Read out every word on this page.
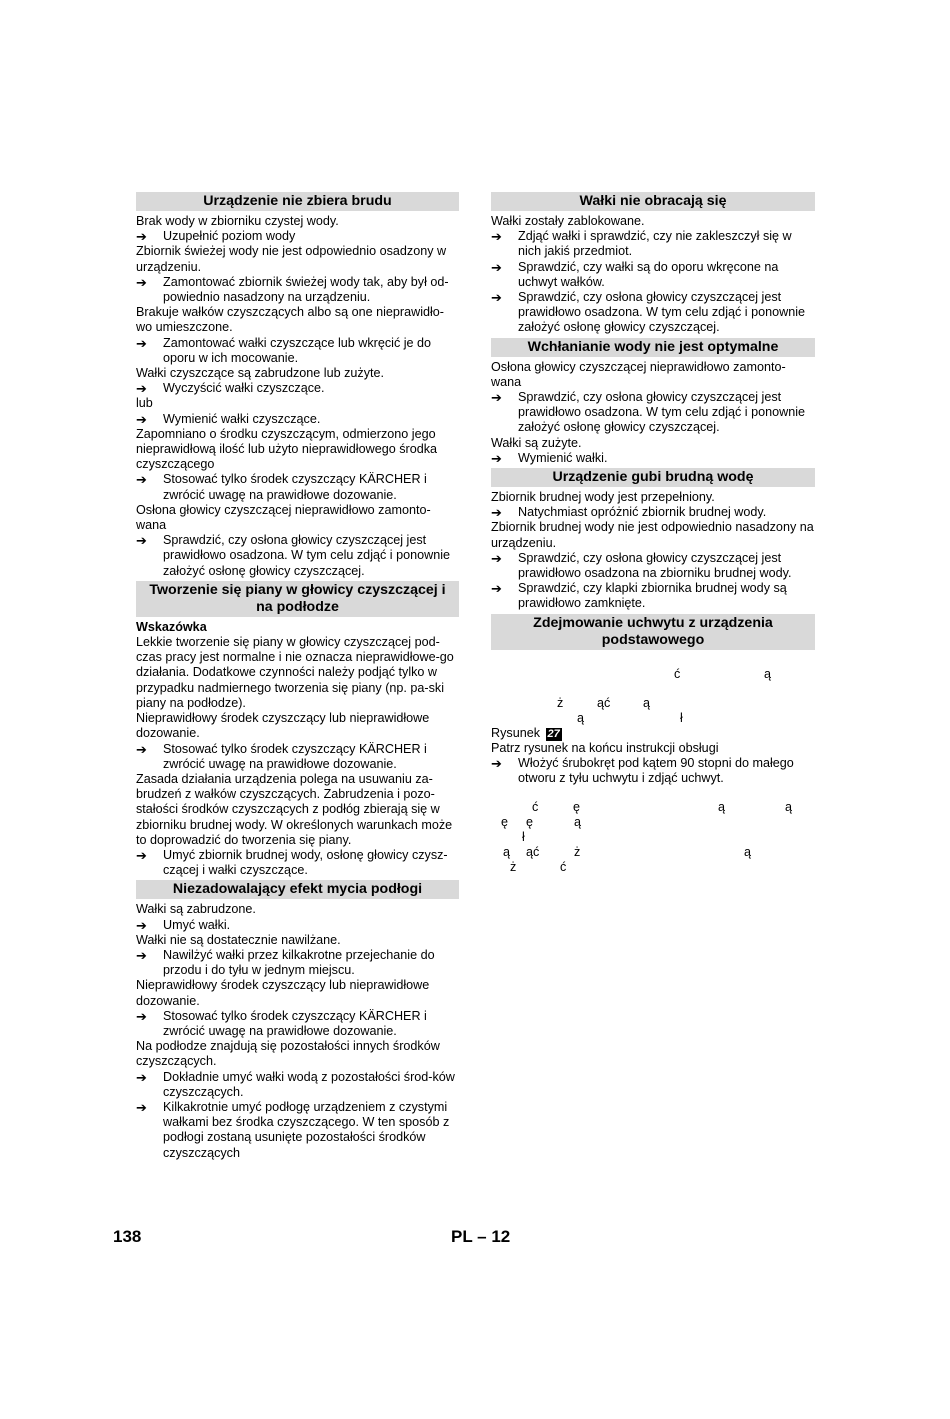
Urządzenie nie zbiera brudu

Brak wody w zbiorniku czystej wody.

➔ Uzupełnić poziom wody

Zbiornik świeżej wody nie jest odpowiednio osadzony w urządzeniu.

➔ Zamontować zbiornik świeżej wody tak, aby był od-powiednio nasadzony na urządzeniu.

Brakuje wałków czyszczących albo są one nieprawidło-wo umieszczone.

➔ Zamontować wałki czyszczące lub wkręcić je do oporu w ich mocowanie.

Wałki czyszczące są zabrudzone lub zużyte.

➔ Wyczyścić wałki czyszczące.

lub

➔ Wymienić wałki czyszczące.

Zapomniano o środku czyszczącym, odmierzono jego nieprawidłową ilość lub użyto nieprawidłowego środka czyszczącego

➔ Stosować tylko środek czyszczący KÄRCHER i zwrócić uwagę na prawidłowe dozowanie.

Osłona głowicy czyszczącej nieprawidłowo zamonto-wana

➔ Sprawdzić, czy osłona głowicy czyszczącej jest prawidłowo osadzona. W tym celu zdjąć i ponownie założyć osłonę głowicy czyszczącej.
Tworzenie się piany w głowicy czyszczącej i na podłodze

Wskazówka

Lekkie tworzenie się piany w głowicy czyszczącej pod-czas pracy jest normalne i nie oznacza nieprawidłowe-go działania. Dodatkowe czynności należy podjąć tylko w przypadku nadmiernego tworzenia się piany (np. pa-ski piany na podłodze).

Nieprawidłowy środek czyszczący lub nieprawidłowe dozowanie.

➔ Stosować tylko środek czyszczący KÄRCHER i zwrócić uwagę na prawidłowe dozowanie.

Zasada działania urządzenia polega na usuwaniu za-brudzeń z wałków czyszczących. Zabrudzenia i pozo-stałości środków czyszczących z podłóg zbierają się w zbiorniku brudnej wody. W określonych warunkach może to doprowadzić do tworzenia się piany.

➔ Umyć zbiornik brudnej wody, osłonę głowicy czysz-czącej i wałki czyszczące.
Niezadowalający efekt mycia podłogi

Wałki są zabrudzone.

➔ Umyć wałki.

Wałki nie są dostatecznie nawilżane.

➔ Nawilżyć wałki przez kilkakrotne przejechanie do przodu i do tyłu w jednym miejscu.

Nieprawidłowy środek czyszczący lub nieprawidłowe dozowanie.

➔ Stosować tylko środek czyszczący KÄRCHER i zwrócić uwagę na prawidłowe dozowanie.

Na podłodze znajdują się pozostałości innych środków czyszczących.

➔ Dokładnie umyć wałki wodą z pozostałości środ-ków czyszczących.
➔ Kilkakrotnie umyć podłogę urządzeniem z czystymi wałkami bez środka czyszczącego. W ten sposób z podłogi zostaną usunięte pozostałości środków czyszczących
Wałki nie obracają się

Wałki zostały zablokowane.

➔ Zdjąć wałki i sprawdzić, czy nie zakleszczył się w nich jakiś przedmiot.
➔ Sprawdzić, czy wałki są do oporu wkręcone na uchwyt wałków.
➔ Sprawdzić, czy osłona głowicy czyszczącej jest prawidłowo osadzona. W tym celu zdjąć i ponownie założyć osłonę głowicy czyszczącej.
Wchłanianie wody nie jest optymalne

Osłona głowicy czyszczącej nieprawidłowo zamonto-wana

➔ Sprawdzić, czy osłona głowicy czyszczącej jest prawidłowo osadzona. W tym celu zdjąć i ponownie założyć osłonę głowicy czyszczącej.

Wałki są zużyte.

➔ Wymienić wałki.
Urządzenie gubi brudną wodę

Zbiornik brudnej wody jest przepełniony.

➔ Natychmiast opróżnić zbiornik brudnej wody.

Zbiornik brudnej wody nie jest odpowiednio nasadzony na urządzeniu.

➔ Sprawdzić, czy osłona głowicy czyszczącej jest prawidłowo osadzona na zbiorniku brudnej wody.
➔ Sprawdzić, czy klapki zbiornika brudnej wody są prawidłowo zamknięte.
Zdejmowanie uchwytu z urządzenia podstawowego
ć	ą
ż	ąć	ą
ą	ł

Rysunek 27

Patrz rysunek na końcu instrukcji obsługi

➔ Włożyć śrubokręt pod kątem 90 stopni do małego otworu z tyłu uchwytu i zdjąć uchwyt.
ć	ę	ą	ą
ę ę	ą
ł
ą ąć	ż	ą
ż	ć
138	PL – 12
